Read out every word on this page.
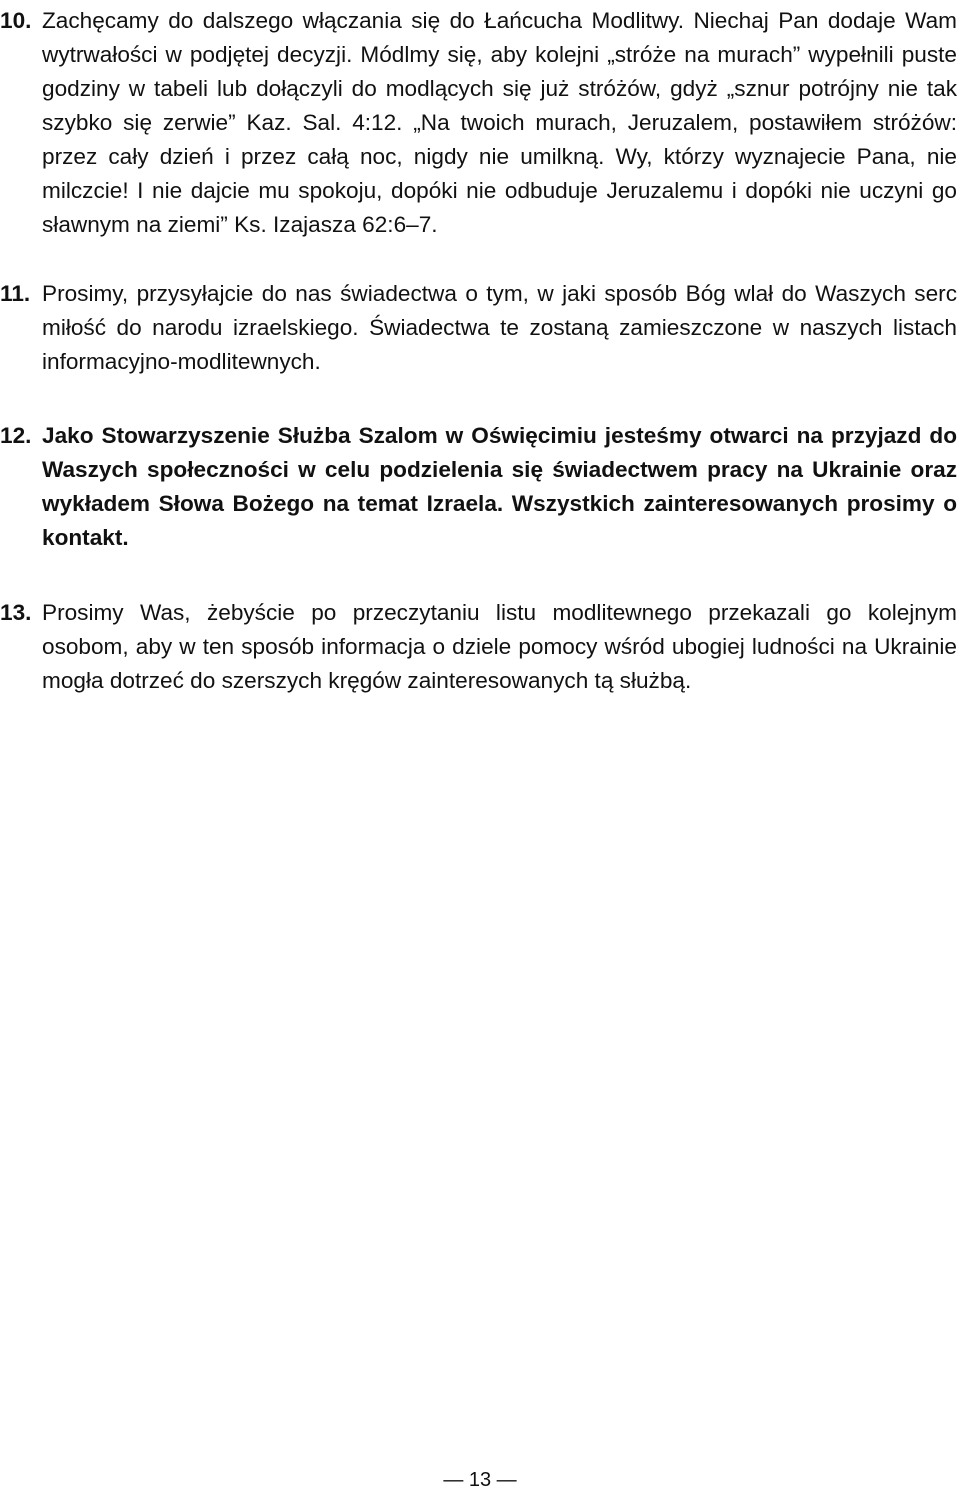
10. Zachęcamy do dalszego włączania się do Łańcucha Modlitwy. Niechaj Pan dodaje Wam wytrwałości w podjętej decyzji. Módlmy się, aby kolejni „stróże na murach” wypełnili puste godziny w tabeli lub dołączyli do modlących się już stróżów, gdyż „sznur potrójny nie tak szybko się zerwie” Kaz. Sal. 4:12. „Na twoich murach, Jeruzalem, postawiłem stróżów: przez cały dzień i przez całą noc, nigdy nie umilkną. Wy, którzy wyznajecie Pana, nie milczcie! I nie dajcie mu spokoju, dopóki nie odbuduje Jeruzalemu i dopóki nie uczyni go sławnym na ziemi” Ks. Izajasza 62:6–7.

11. Prosimy, przysyłajcie do nas świadectwa o tym, w jaki sposób Bóg wlał do Waszych serc miłość do narodu izraelskiego. Świadectwa te zostaną zamieszczone w naszych listach informacyjno-modlitewnych.

12. Jako Stowarzyszenie Służba Szalom w Oświęcimiu jesteśmy otwarci na przyjazd do Waszych społeczności w celu podzielenia się świadectwem pracy na Ukrainie oraz wykładem Słowa Bożego na temat Izraela. Wszystkich zainteresowanych prosimy o kontakt.

13. Prosimy Was, żebyście po przeczytaniu listu modlitewnego przekazali go kolejnym osobom, aby w ten sposób informacja o dziele pomocy wśród ubogiej ludności na Ukrainie mogła dotrzeć do szerszych kręgów zainteresowanych tą służbą.

— 13 —
